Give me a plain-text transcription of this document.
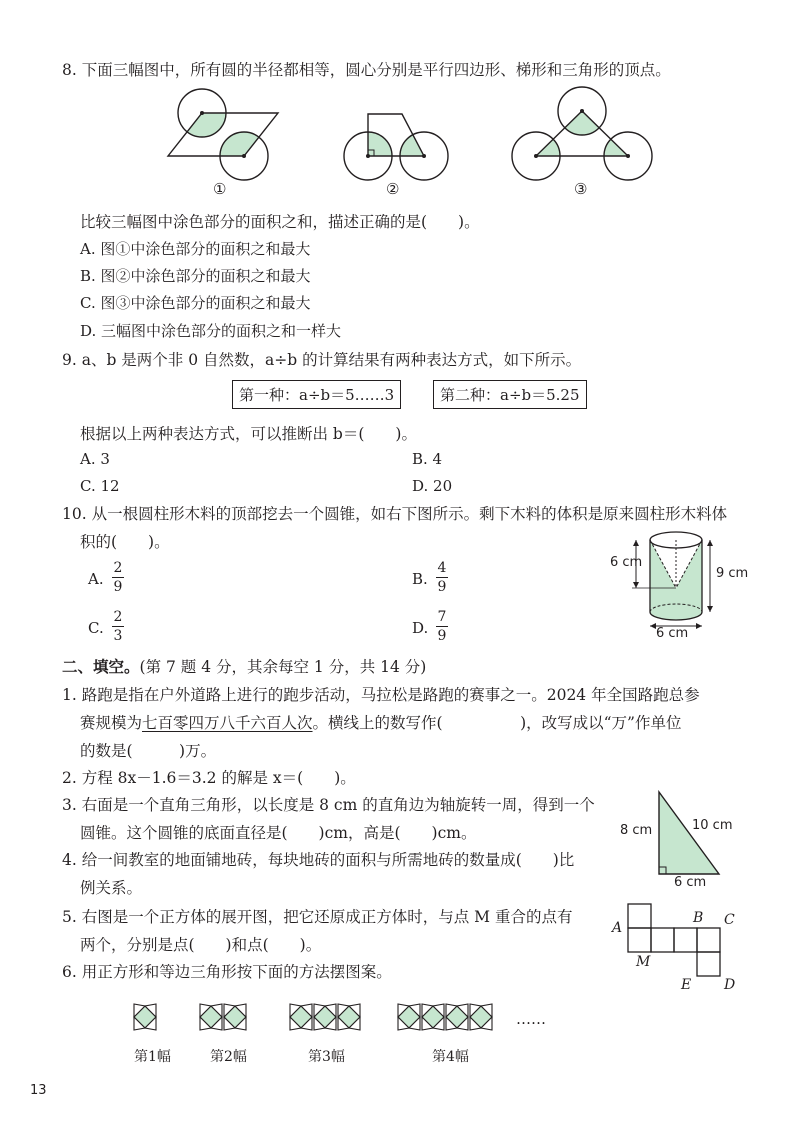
8. 下面三幅图中，所有圆的半径都相等，圆心分别是平行四边形、梯形和三角形的顶点。
①	②	③
比较三幅图中涂色部分的面积之和，描述正确的是(　　)。
A. 图①中涂色部分的面积之和最大
B. 图②中涂色部分的面积之和最大
C. 图③中涂色部分的面积之和最大
D. 三幅图中涂色部分的面积之和一样大
9. a、b 是两个非 0 自然数，a÷b 的计算结果有两种表达方式，如下所示。
第一种：a÷b＝5……3	第二种：a÷b＝5.25
根据以上两种表达方式，可以推断出 b＝(　　)。
A. 3	B. 4
C. 12	D. 20
10. 从一根圆柱形木料的顶部挖去一个圆锥，如右下图所示。剩下木料的体积是原来圆柱形木料体
积的(　　)。
A.
2
9	B.
4
9
C.
2
3	D.
7
9
6 cm
9 cm
6 cm
二、填空。(第 7 题 4 分，其余每空 1 分，共 14 分)
1. 路跑是指在户外道路上进行的跑步活动，马拉松是路跑的赛事之一。2024 年全国路跑总参
赛规模为七百零四万八千六百人次。横线上的数写作(　　　　　)，改写成以“万”作单位
的数是(　　　)万。
2. 方程 8x－1.6＝3.2 的解是 x＝(　　)。
3. 右面是一个直角三角形，以长度是 8 cm 的直角边为轴旋转一周，得到一个
圆锥。这个圆锥的底面直径是(　　)cm，高是(　　)cm。	8 cm	10 cm
6 cm
4. 给一间教室的地面铺地砖，每块地砖的面积与所需地砖的数量成(　　)比
例关系。
5. 右图是一个正方体的展开图，把它还原成正方体时，与点 M 重合的点有
两个，分别是点(　　)和点(　　)。
A
B C
M
E D
6. 用正方形和等边三角形按下面的方法摆图案。
……
第1幅	第2幅	第3幅	第4幅
13
